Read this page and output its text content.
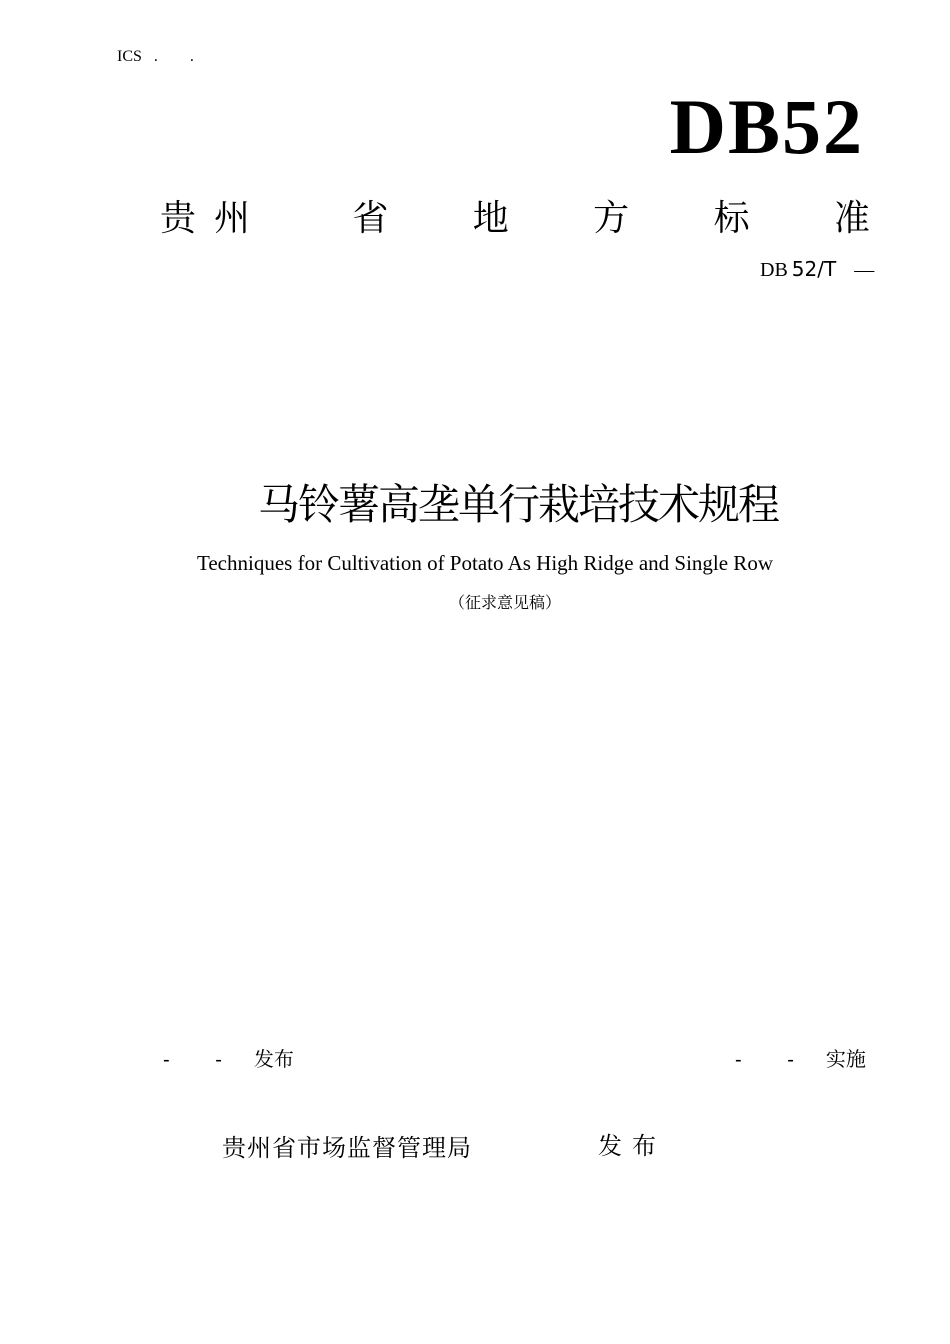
ICS . .
DB52
贵州 省 地 方 标 准
DB 52/T —
马铃薯高垄单行栽培技术规程
Techniques for Cultivation of Potato As High Ridge and Single Row
（征求意见稿）
- - 发布	- - 实施
贵州省市场监督管理局	发布
